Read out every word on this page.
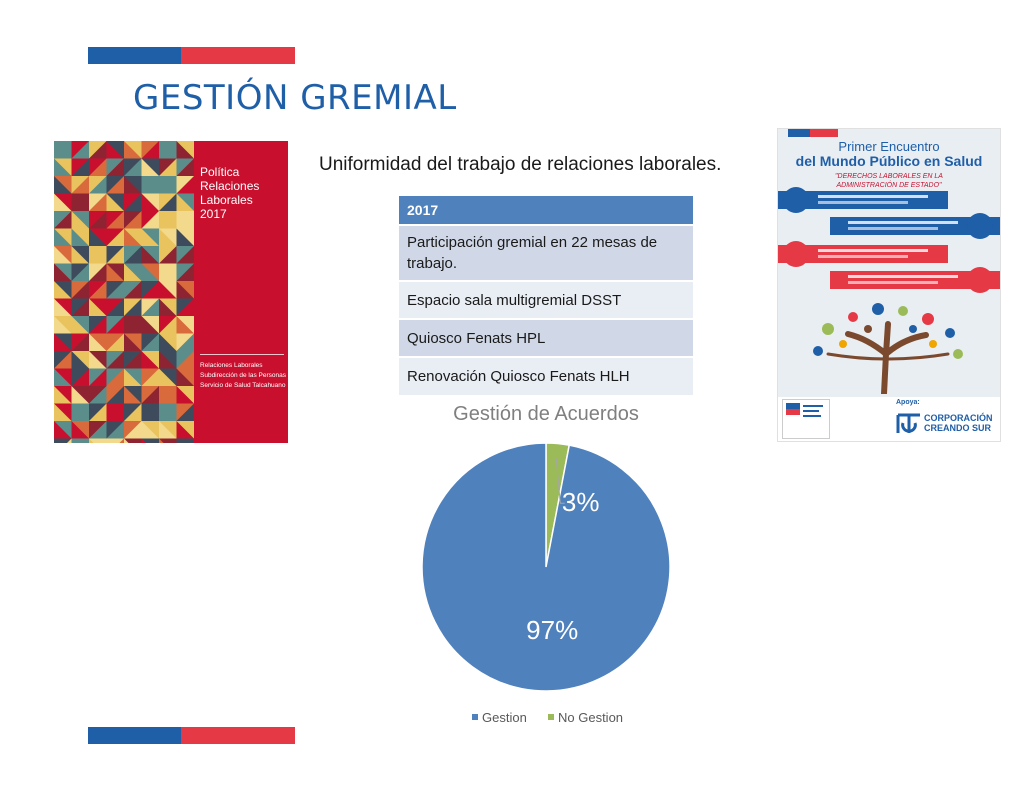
GESTIÓN GREMIAL
Política
Relaciones
Laborales
2017
Relaciones Laborales
Subdirección de las Personas
Servicio de Salud Talcahuano
Uniformidad del trabajo de relaciones laborales.
2017
Participación gremial en 22 mesas de trabajo.
Espacio sala multigremial DSST
Quiosco Fenats HPL
Renovación Quiosco Fenats HLH
Primer Encuentro
del Mundo Público en Salud
"DERECHOS LABORALES EN LA
ADMINISTRACIÓN DE ESTADO"
Apoya:
CORPORACIÓN
CREANDO SUR
Gestión de Acuerdos
97%
3%
Gestion No Gestion
